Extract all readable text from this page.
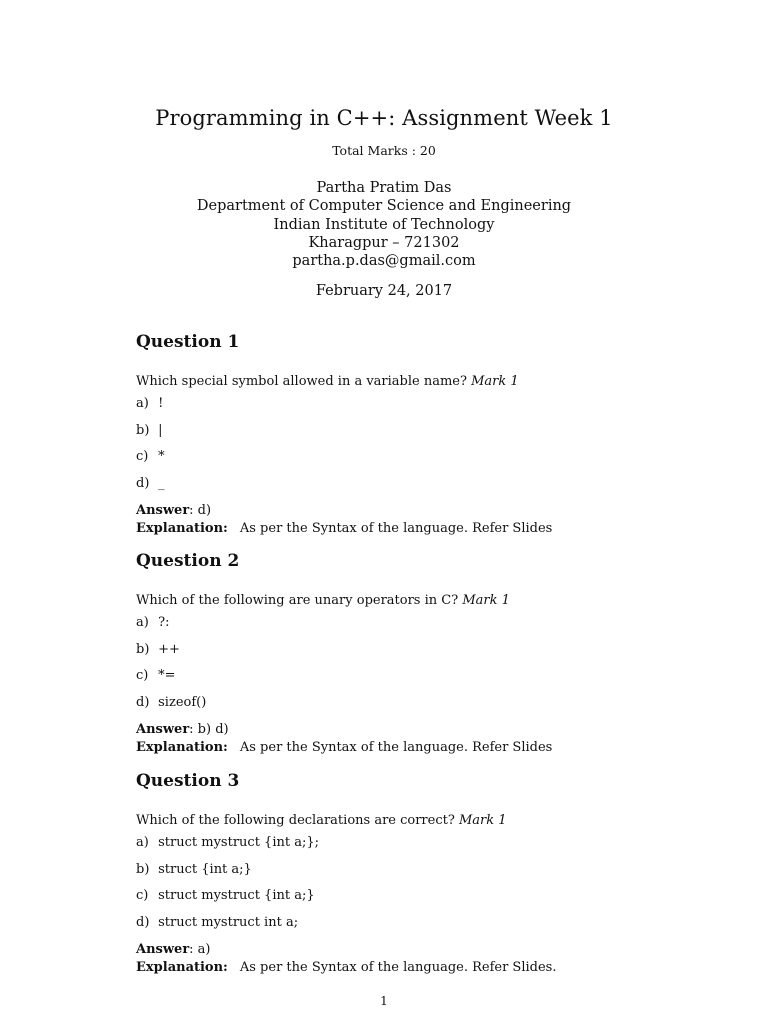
Programming in C++: Assignment Week 1
Total Marks : 20
Partha Pratim Das
Department of Computer Science and Engineering
Indian Institute of Technology
Kharagpur – 721302
partha.p.das@gmail.com
February 24, 2017
Question 1
Which special symbol allowed in a variable name? Mark 1
a) !
b) |
c) *
d) _
Answer: d)
Explanation: As per the Syntax of the language. Refer Slides
Question 2
Which of the following are unary operators in C? Mark 1
a) ?:
b) ++
c) *=
d) sizeof()
Answer: b) d)
Explanation: As per the Syntax of the language. Refer Slides
Question 3
Which of the following declarations are correct? Mark 1
a) struct mystruct {int a;};
b) struct {int a;}
c) struct mystruct {int a;}
d) struct mystruct int a;
Answer: a)
Explanation: As per the Syntax of the language. Refer Slides.
1
